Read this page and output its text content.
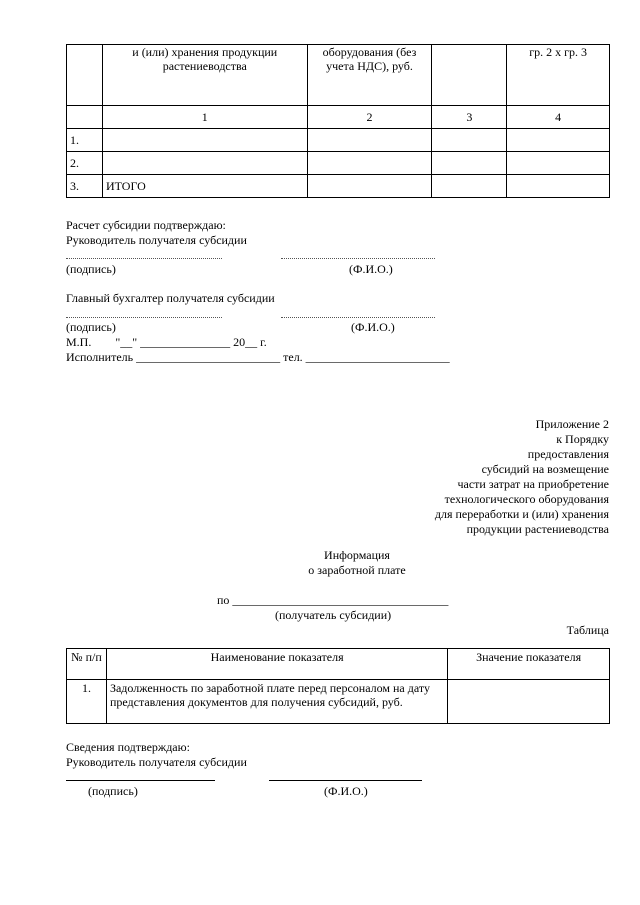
	и (или) хранения продукции растениеводства	оборудования (без учета НДС), руб.		гр. 2 х гр. 3
	1	2	3	4
1.				
2.				
3.	ИТОГО			
Расчет субсидии подтверждаю:
Руководитель получателя субсидии
(подпись)	(Ф.И.О.)
Главный бухгалтер получателя субсидии
(подпись)	(Ф.И.О.)
М.П.        "__" _______________ 20__ г.
Исполнитель ________________________ тел. ________________________
Приложение 2
к Порядку
предоставления
субсидий на возмещение
части затрат на приобретение
технологического оборудования
для переработки и (или) хранения
продукции растениеводства
Информация
о заработной плате
по ____________________________________
(получатель субсидии)
Таблица
№ п/п	Наименование показателя	Значение показателя
1.	Задолженность по заработной плате перед персоналом на дату представления документов для получения субсидий, руб.	
Сведения подтверждаю:
Руководитель получателя субсидии
(подпись)	(Ф.И.О.)
